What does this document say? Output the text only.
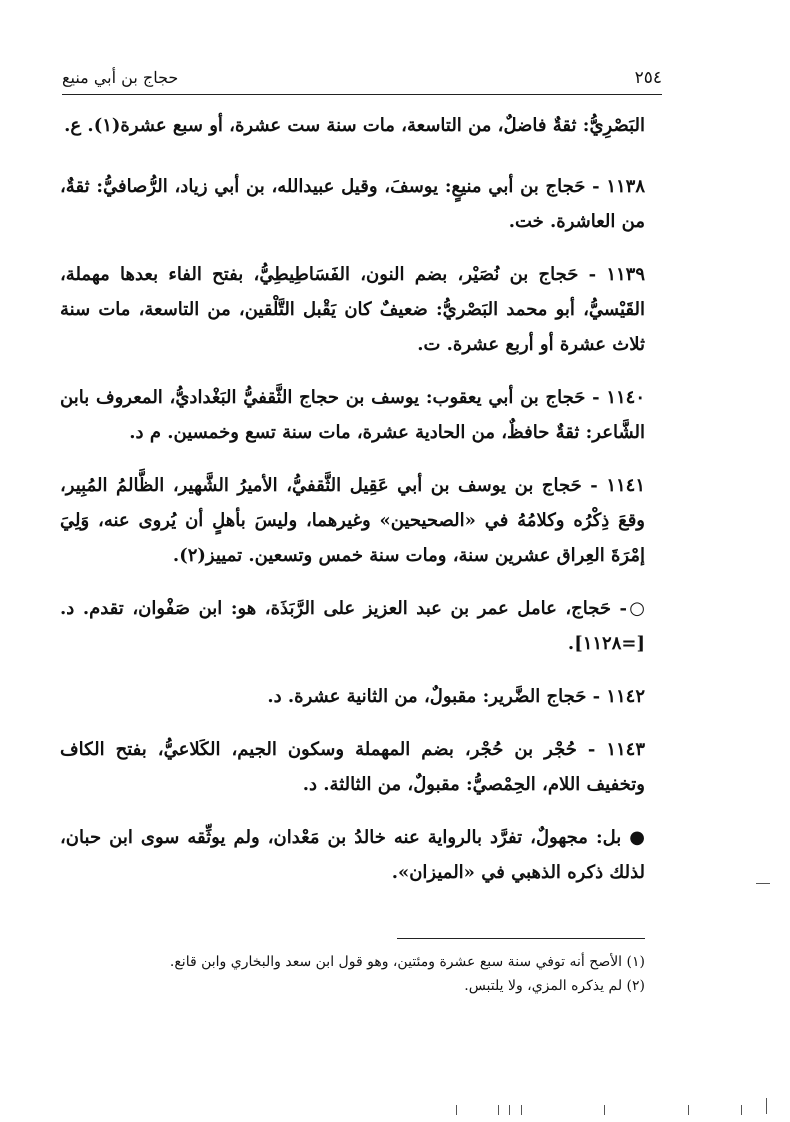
٢٥٤
حجاج بن أبي منيع

البَصْرِيُّ: ثقةٌ فاضلٌ، من التاسعة، مات سنة ست عشرة، أو سبع عشرة(١). ع.

١١٣٨ - حَجاج بن أبي منيعٍ: يوسفَ، وقيل عبيدالله، بن أبي زياد، الرُّصافيُّ: ثقةٌ، من العاشرة. خت.

١١٣٩ - حَجاج بن نُصَيْر، بضم النون، الفَسَاطِيطِيُّ، بفتح الفاء بعدها مهملة، القَيْسيُّ، أبو محمد البَصْريُّ: ضعيفٌ كان يَقْبل التَّلْقين، من التاسعة، مات سنة ثلاث عشرة أو أربع عشرة. ت.

١١٤٠ - حَجاج بن أبي يعقوب: يوسف بن حجاج الثَّقفيُّ البَغْداديُّ، المعروف بابن الشَّاعر: ثقةٌ حافظٌ، من الحادية عشرة، مات سنة تسع وخمسين. م د.

١١٤١ - حَجاج بن يوسف بن أبي عَقِيل الثَّقفيُّ، الأميرُ الشَّهير، الظَّالمُ المُبِير، وقعَ ذِكْرُه وكلامُهُ في «الصحيحين» وغيرهما، وليسَ بأهلٍ أن يُروى عنه، وَلِيَ إمْرَةَ العِراق عشرين سنة، ومات سنة خمس وتسعين. تمييز(٢).

○- حَجاج، عامل عمر بن عبد العزيز على الرَّبَذَة، هو: ابن صَفْوان، تقدم. د. [=١١٢٨].

١١٤٢ - حَجاج الضَّرير: مقبولٌ، من الثانية عشرة. د.

١١٤٣ - حُجْر بن حُجْر، بضم المهملة وسكون الجيم، الكَلاعيُّ، بفتح الكاف وتخفيف اللام، الحِمْصيُّ: مقبولٌ، من الثالثة. د.

● بل: مجهولٌ، تفرَّد بالرواية عنه خالدُ بن مَعْدان، ولم يوثِّقه سوى ابن حبان، لذلك ذكره الذهبي في «الميزان».

(١) الأصح أنه توفي سنة سبع عشرة ومئتين، وهو قول ابن سعد والبخاري وابن قانع.
(٢) لم يذكره المزي، ولا يلتبس.
